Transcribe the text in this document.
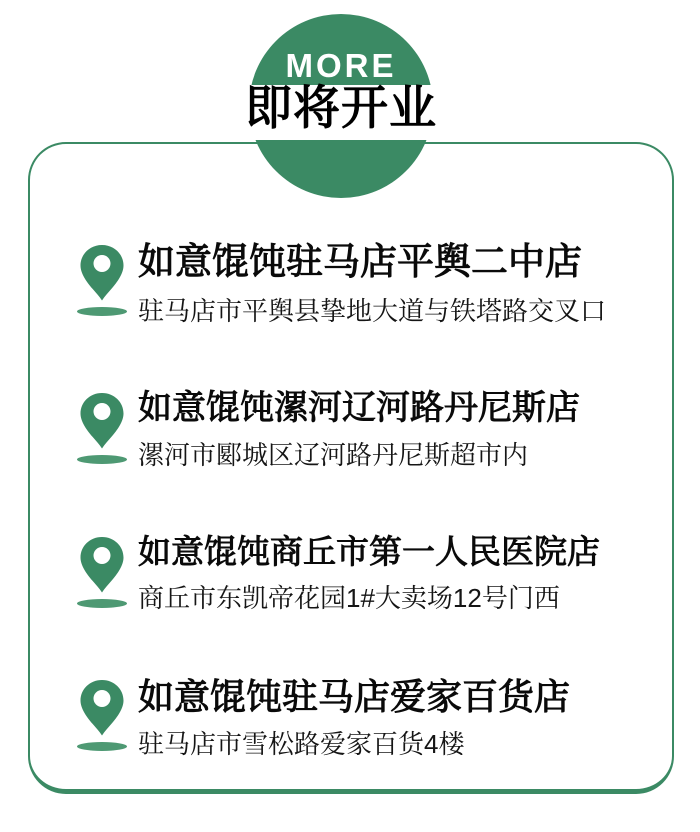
MORE
即将开业
如意馄饨驻马店平舆二中店
驻马店市平舆县挚地大道与铁塔路交叉口
如意馄饨漯河辽河路丹尼斯店
漯河市郾城区辽河路丹尼斯超市内
如意馄饨商丘市第一人民医院店
商丘市东凯帝花园1#大卖场12号门西
如意馄饨驻马店爱家百货店
驻马店市雪松路爱家百货4楼
